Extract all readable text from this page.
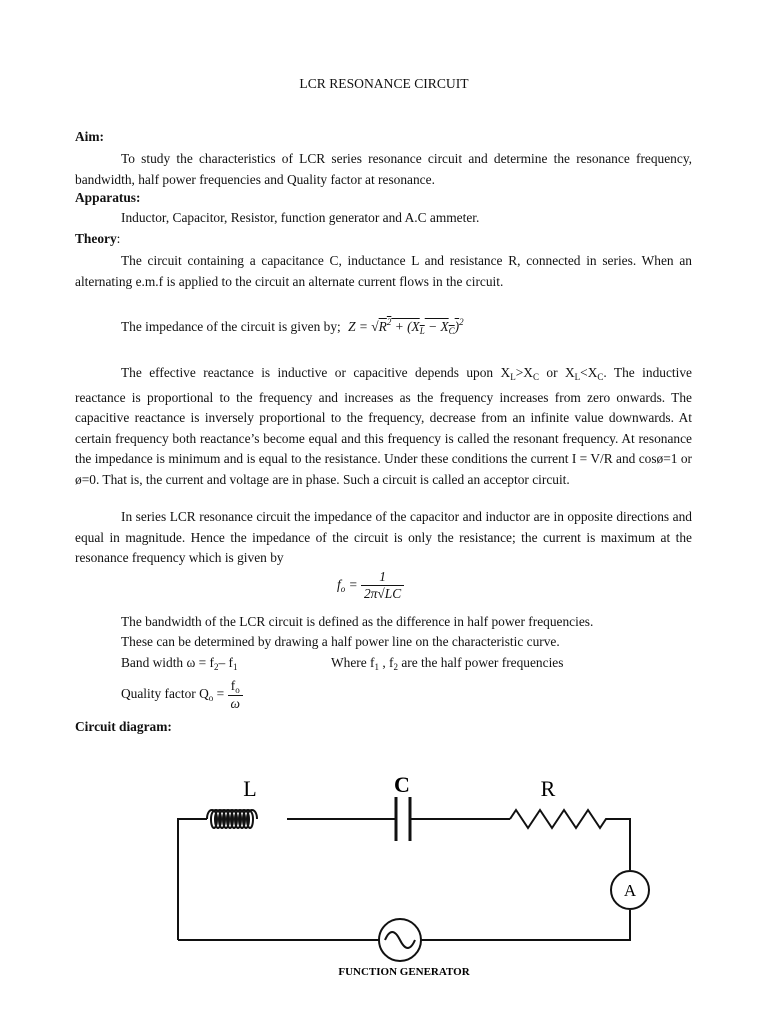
LCR RESONANCE CIRCUIT
Aim:

To study the characteristics of LCR series resonance circuit and determine the resonance frequency, bandwidth, half power frequencies and Quality factor at resonance.

Apparatus:
Inductor, Capacitor, Resistor, function generator and A.C ammeter.
Theory:

The circuit containing a capacitance C, inductance L and resistance R, connected in series. When an alternating e.m.f is applied to the circuit an alternate current flows in the circuit.

The impedance of the circuit is given by; $Z = √R^2 + (X_L - X_C)^2$

The effective reactance is inductive or capacitive depends upon $X_L>X_C$ or $X_L<X_C$. The inductive reactance is proportional to the frequency and increases as the frequency increases from zero onwards. The capacitive reactance is inversely proportional to the frequency, decrease from an infinite value downwards. At certain frequency both reactance’s become equal and this frequency is called the resonant frequency. At resonance the impedance is minimum and is equal to the resistance. Under these conditions the current I = V/R and cosø=1 or ø=0. That is, the current and voltage are in phase. Such a circuit is called an acceptor circuit.

In series LCR resonance circuit the impedance of the capacitor and inductor are in opposite directions and equal in magnitude. Hence the impedance of the circuit is only the resistance; the current is maximum at the resonance frequency which is given by

$f_o = \frac{1}{2\pi√LC}$
The bandwidth of the LCR circuit is defined as the difference in half power frequencies.
These can be determined by drawing a half power line on the characteristic curve.
Band width $\omega = f_2-$ $f_1$	Where $f_1$ , $f_2$ are the half power frequencies
Quality factor $Q_o = \frac{f_o}{\omega}$
Circuit diagram:
A
L	C	R
FUNCTION GENERATOR
